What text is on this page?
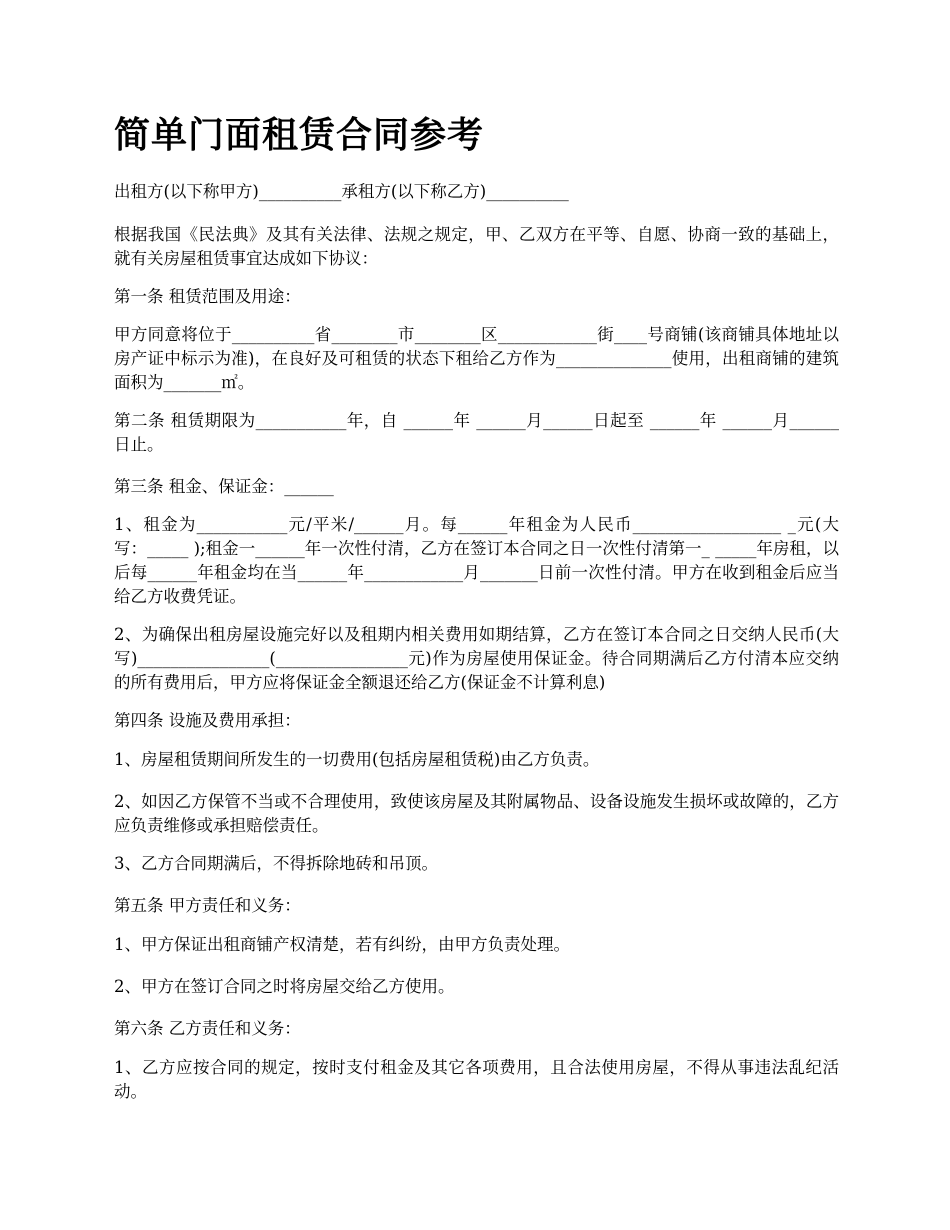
简单门面租赁合同参考

出租方(以下称甲方)__________承租方(以下称乙方)__________

根据我国《民法典》及其有关法律、法规之规定，甲、乙双方在平等、自愿、协商一致的基础上，就有关房屋租赁事宜达成如下协议：

第一条 租赁范围及用途：

甲方同意将位于__________省________市________区____________街____号商铺(该商铺具体地址以房产证中标示为准)，在良好及可租赁的状态下租给乙方作为______________使用，出租商铺的建筑面积为_______㎡。

第二条 租赁期限为___________年，自 ______年 ______月______日起至 ______年 ______月______日止。

第三条 租金、保证金：______

1、租金为___________元/平米/______月。每______年租金为人民币__________________ _元(大写：_____ );租金一______年一次性付清，乙方在签订本合同之日一次性付清第一_ _____年房租，以后每______年租金均在当______年____________月_______日前一次性付清。甲方在收到租金后应当给乙方收费凭证。

2、为确保出租房屋设施完好以及租期内相关费用如期结算，乙方在签订本合同之日交纳人民币(大写)________________(________________元)作为房屋使用保证金。待合同期满后乙方付清本应交纳的所有费用后，甲方应将保证金全额退还给乙方(保证金不计算利息)

第四条 设施及费用承担：

1、房屋租赁期间所发生的一切费用(包括房屋租赁税)由乙方负责。

2、如因乙方保管不当或不合理使用，致使该房屋及其附属物品、设备设施发生损坏或故障的，乙方应负责维修或承担赔偿责任。

3、乙方合同期满后，不得拆除地砖和吊顶。

第五条 甲方责任和义务：

1、甲方保证出租商铺产权清楚，若有纠纷，由甲方负责处理。

2、甲方在签订合同之时将房屋交给乙方使用。

第六条 乙方责任和义务：

1、乙方应按合同的规定，按时支付租金及其它各项费用，且合法使用房屋，不得从事违法乱纪活动。
